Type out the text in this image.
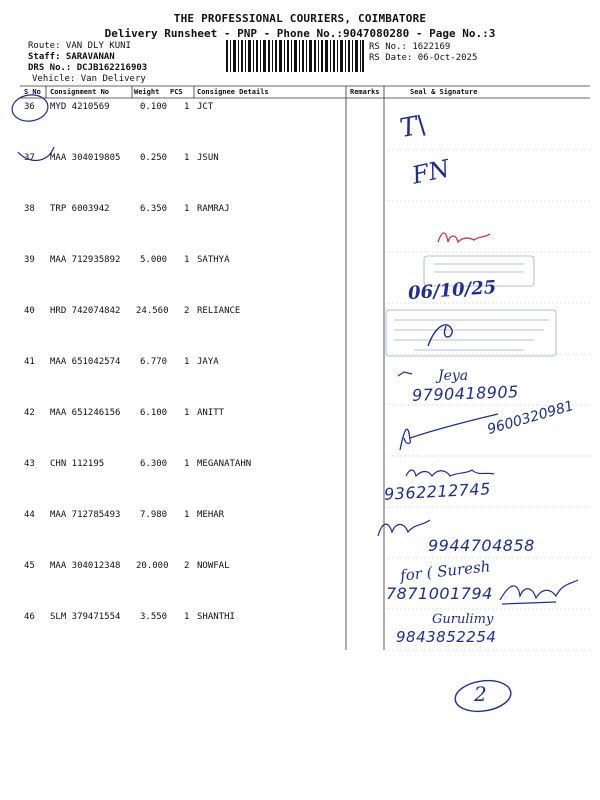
THE PROFESSIONAL COURIERS, COIMBATORE
Delivery Runsheet - PNP - Phone No.:9047080280 - Page No.:3
Route: VAN DLY KUNI
Staff: SARAVANAN
DRS No.: DCJB162216903
Vehicle: Van Delivery
RS No.: 1622169
RS Date: 06-Oct-2025
S No Consignment No	Weight PCS Consignee Details	Remarks	Seal & Signature
36 MYD 4210569	0.100 1 JCT
37 MAA 304019805 0.250 1 JSUN
38 TRP 6003942	6.350 1 RAMRAJ
39 MAA 712935892 5.000 1 SATHYA
40 HRD 742074842 24.560 2 RELIANCE
41 MAA 651042574 6.770 1 JAYA
42 MAA 651246156 6.100 1 ANITT
43 CHN 112195	6.300 1 MEGANATAHN
44 MAA 712785493 7.980 1 MEHAR
45 MAA 304012348 20.000 2 NOWFAL
46 SLM 379471554 3.550 1 SHANTHI
T\
FN
06/10/25
Jeya
9790418905
9600320981
9362212745
9944704858
for ( Suresh
7871001794
Gurulimy
9843852254
2
